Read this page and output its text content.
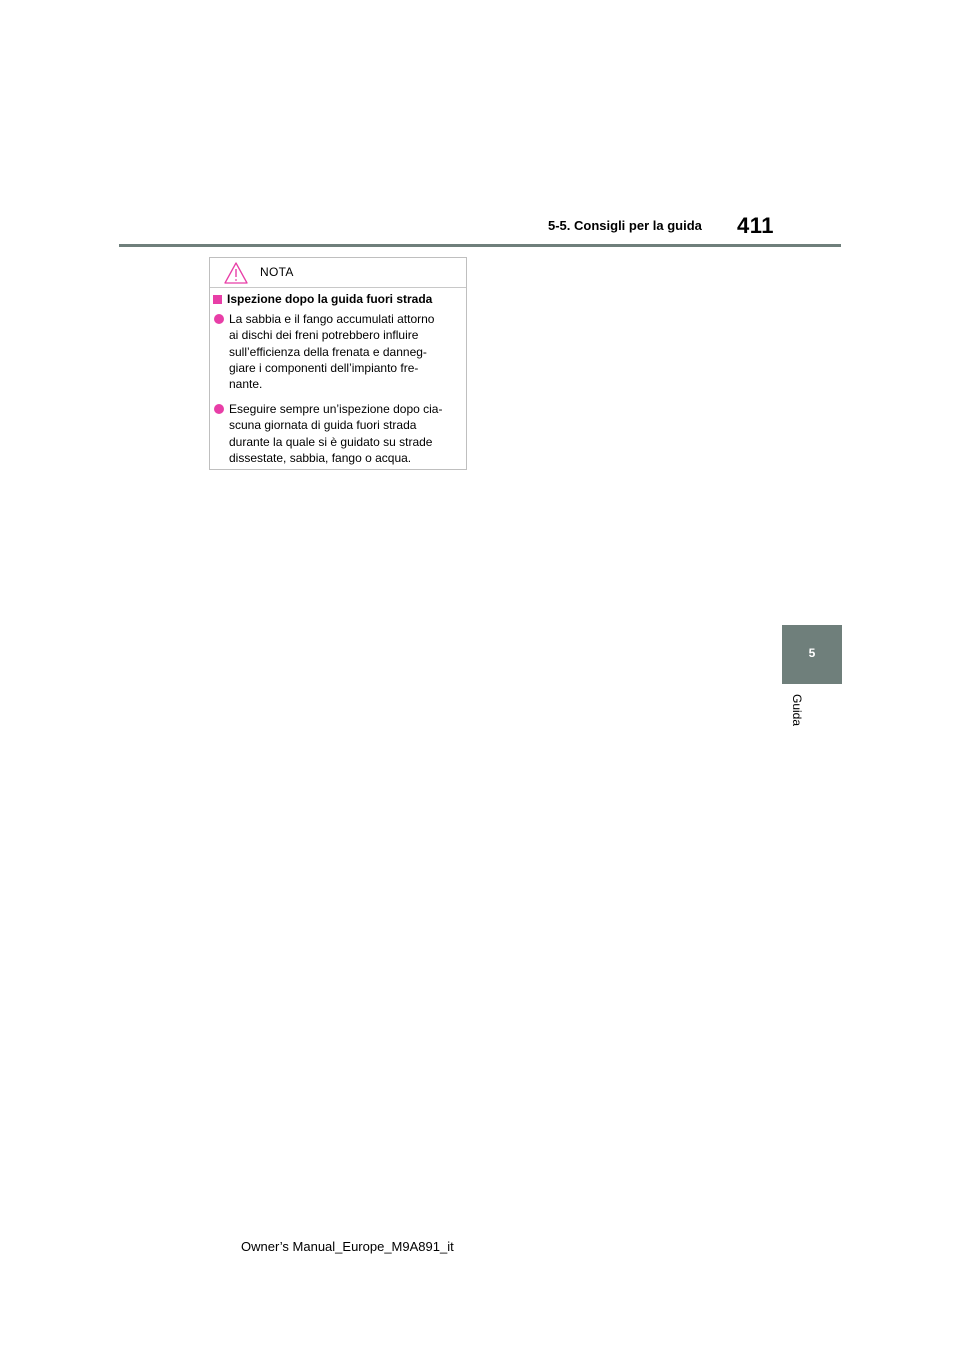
5-5. Consigli per la guida 411
NOTA
Ispezione dopo la guida fuori strada
La sabbia e il fango accumulati attorno
ai dischi dei freni potrebbero influire
sull’efficienza della frenata e danneg-
giare i componenti dell’impianto fre-
nante.
Eseguire sempre un’ispezione dopo cia-
scuna giornata di guida fuori strada
durante la quale si è guidato su strade
dissestate, sabbia, fango o acqua.
5
Guida
Owner’s Manual_Europe_M9A891_it
